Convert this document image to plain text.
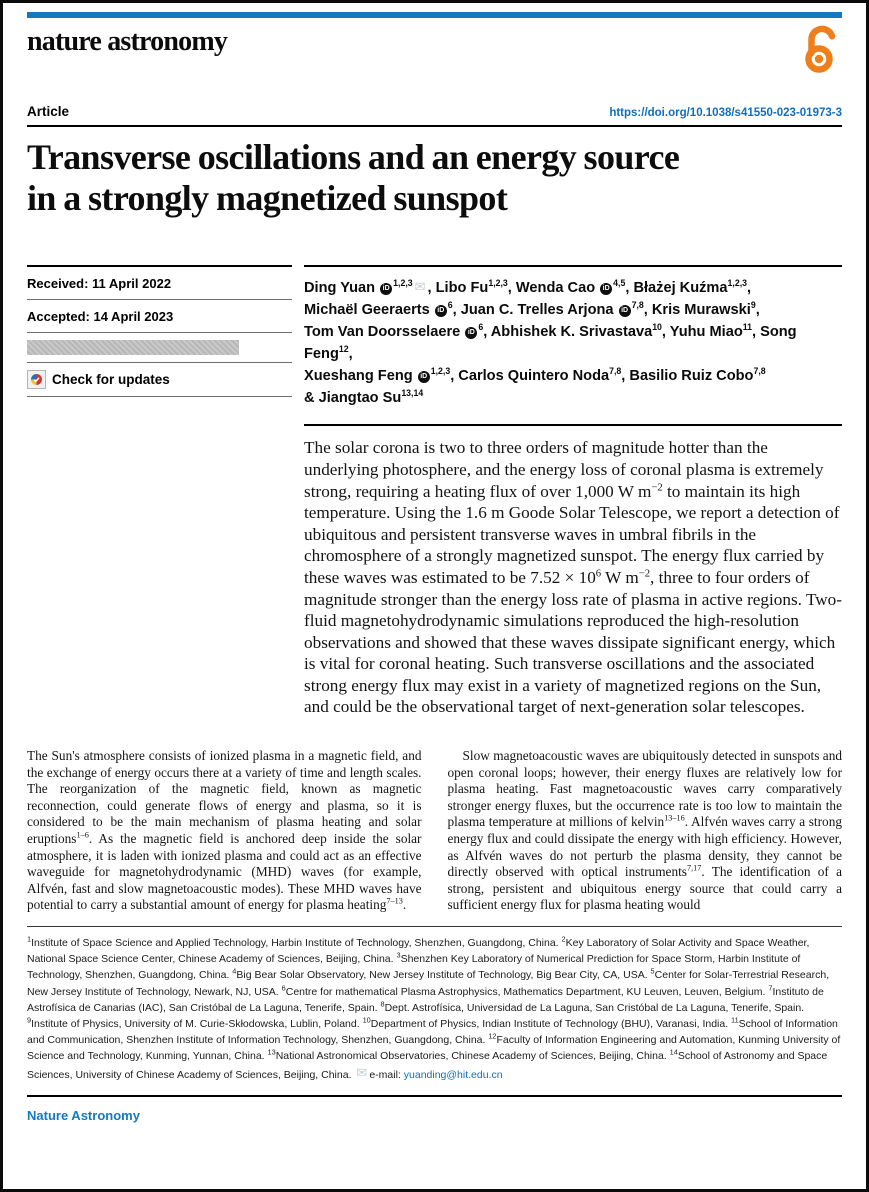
nature astronomy
Article	https://doi.org/10.1038/s41550-023-01973-3
Transverse oscillations and an energy source
in a strongly magnetized sunspot
Received: 11 April 2022
Accepted: 14 April 2023
Check for updates
Ding Yuan iD$^{1,2,3}$ ✉ , Libo Fu$^{1,2,3}$, Wenda Cao iD$^{4,5}$, Błażej Kuźma$^{1,2,3}$,
Michaël Geeraerts $iD^6$, Juan C. Trelles Arjona iD$^{7,8}$, Kris Murawski$^9$,
Tom Van Doorsselaere $iD^6$, Abhishek K. Srivastava$^{10}$, Yuhu Miao$^{11}$, Song Feng$^{12}$,
Xueshang Feng iD$^{1,2,3}$, Carlos Quintero Noda$^{7,8}$, Basilio Ruiz Cobo$^{7,8}$
& Jiangtao Su$^{13,14}$

The solar corona is two to three orders of magnitude hotter than the underlying photosphere, and the energy loss of coronal plasma is extremely strong, requiring a heating flux of over 1,000 W $m^{-2}$ to maintain its high temperature. Using the 1.6 m Goode Solar Telescope, we report a detection of ubiquitous and persistent transverse waves in umbral fibrils in the chromosphere of a strongly magnetized sunspot. The energy flux carried by these waves was estimated to be $7.52 \times 10^6$ W $m^{-2}$, three to four orders of magnitude stronger than the energy loss rate of plasma in active regions. Two-fluid magnetohydrodynamic simulations reproduced the high-resolution observations and showed that these waves dissipate significant energy, which is vital for coronal heating. Such transverse oscillations and the associated strong energy flux may exist in a variety of magnetized regions on the Sun, and could be the observational target of next-generation solar telescopes.

The Sun's atmosphere consists of ionized plasma in a magnetic field, and the exchange of energy occurs there at a variety of time and length scales. The reorganization of the magnetic field, known as magnetic reconnection, could generate flows of energy and plasma, so it is considered to be the main mechanism of plasma heating and solar eruptions$^{1-6}$. As the magnetic field is anchored deep inside the solar atmosphere, it is laden with ionized plasma and could act as an effective waveguide for magnetohydrodynamic (MHD) waves (for example, Alfvén, fast and slow magnetoacoustic modes). These MHD waves have potential to carry a substantial amount of energy for plasma heating$^{7-13}$.

Slow magnetoacoustic waves are ubiquitously detected in sunspots and open coronal loops; however, their energy fluxes are relatively low for plasma heating. Fast magnetoacoustic waves carry comparatively stronger energy fluxes, but the occurrence rate is too low to maintain the plasma temperature at millions of kelvin$^{13-16}$. Alfvén waves carry a strong energy flux and could dissipate the energy with high efficiency. However, as Alfvén waves do not perturb the plasma density, they cannot be directly observed with optical instruments$^{7,17}$. The identification of a strong, persistent and ubiquitous energy source that could carry a sufficient energy flux for plasma heating would

$^1$Institute of Space Science and Applied Technology, Harbin Institute of Technology, Shenzhen, Guangdong, China. $^2$Key Laboratory of Solar Activity and Space Weather, National Space Science Center, Chinese Academy of Sciences, Beijing, China. $^3$Shenzhen Key Laboratory of Numerical Prediction for Space Storm, Harbin Institute of Technology, Shenzhen, Guangdong, China. $^4$Big Bear Solar Observatory, New Jersey Institute of Technology, Big Bear City, CA, USA. $^5$Center for Solar-Terrestrial Research, New Jersey Institute of Technology, Newark, NJ, USA. $^6$Centre for mathematical Plasma Astrophysics, Mathematics Department, KU Leuven, Leuven, Belgium. $^7$Instituto de Astrofísica de Canarias (IAC), San Cristóbal de La Laguna, Tenerife, Spain. $^8$Dept. Astrofísica, Universidad de La Laguna, San Cristóbal de La Laguna, Tenerife, Spain. $^9$Institute of Physics, University of M. Curie-Skłodowska, Lublin, Poland. $^{10}$Department of Physics, Indian Institute of Technology (BHU), Varanasi, India. $^{11}$School of Information and Communication, Shenzhen Institute of Information Technology, Shenzhen, Guangdong, China. $^{12}$Faculty of Information Engineering and Automation, Kunming University of Science and Technology, Kunming, Yunnan, China. $^{13}$National Astronomical Observatories, Chinese Academy of Sciences, Beijing, China. $^{14}$School of Astronomy and Space Sciences, University of Chinese Academy of Sciences, Beijing, China. ✉ e-mail: yuanding@hit.edu.cn
Nature Astronomy
